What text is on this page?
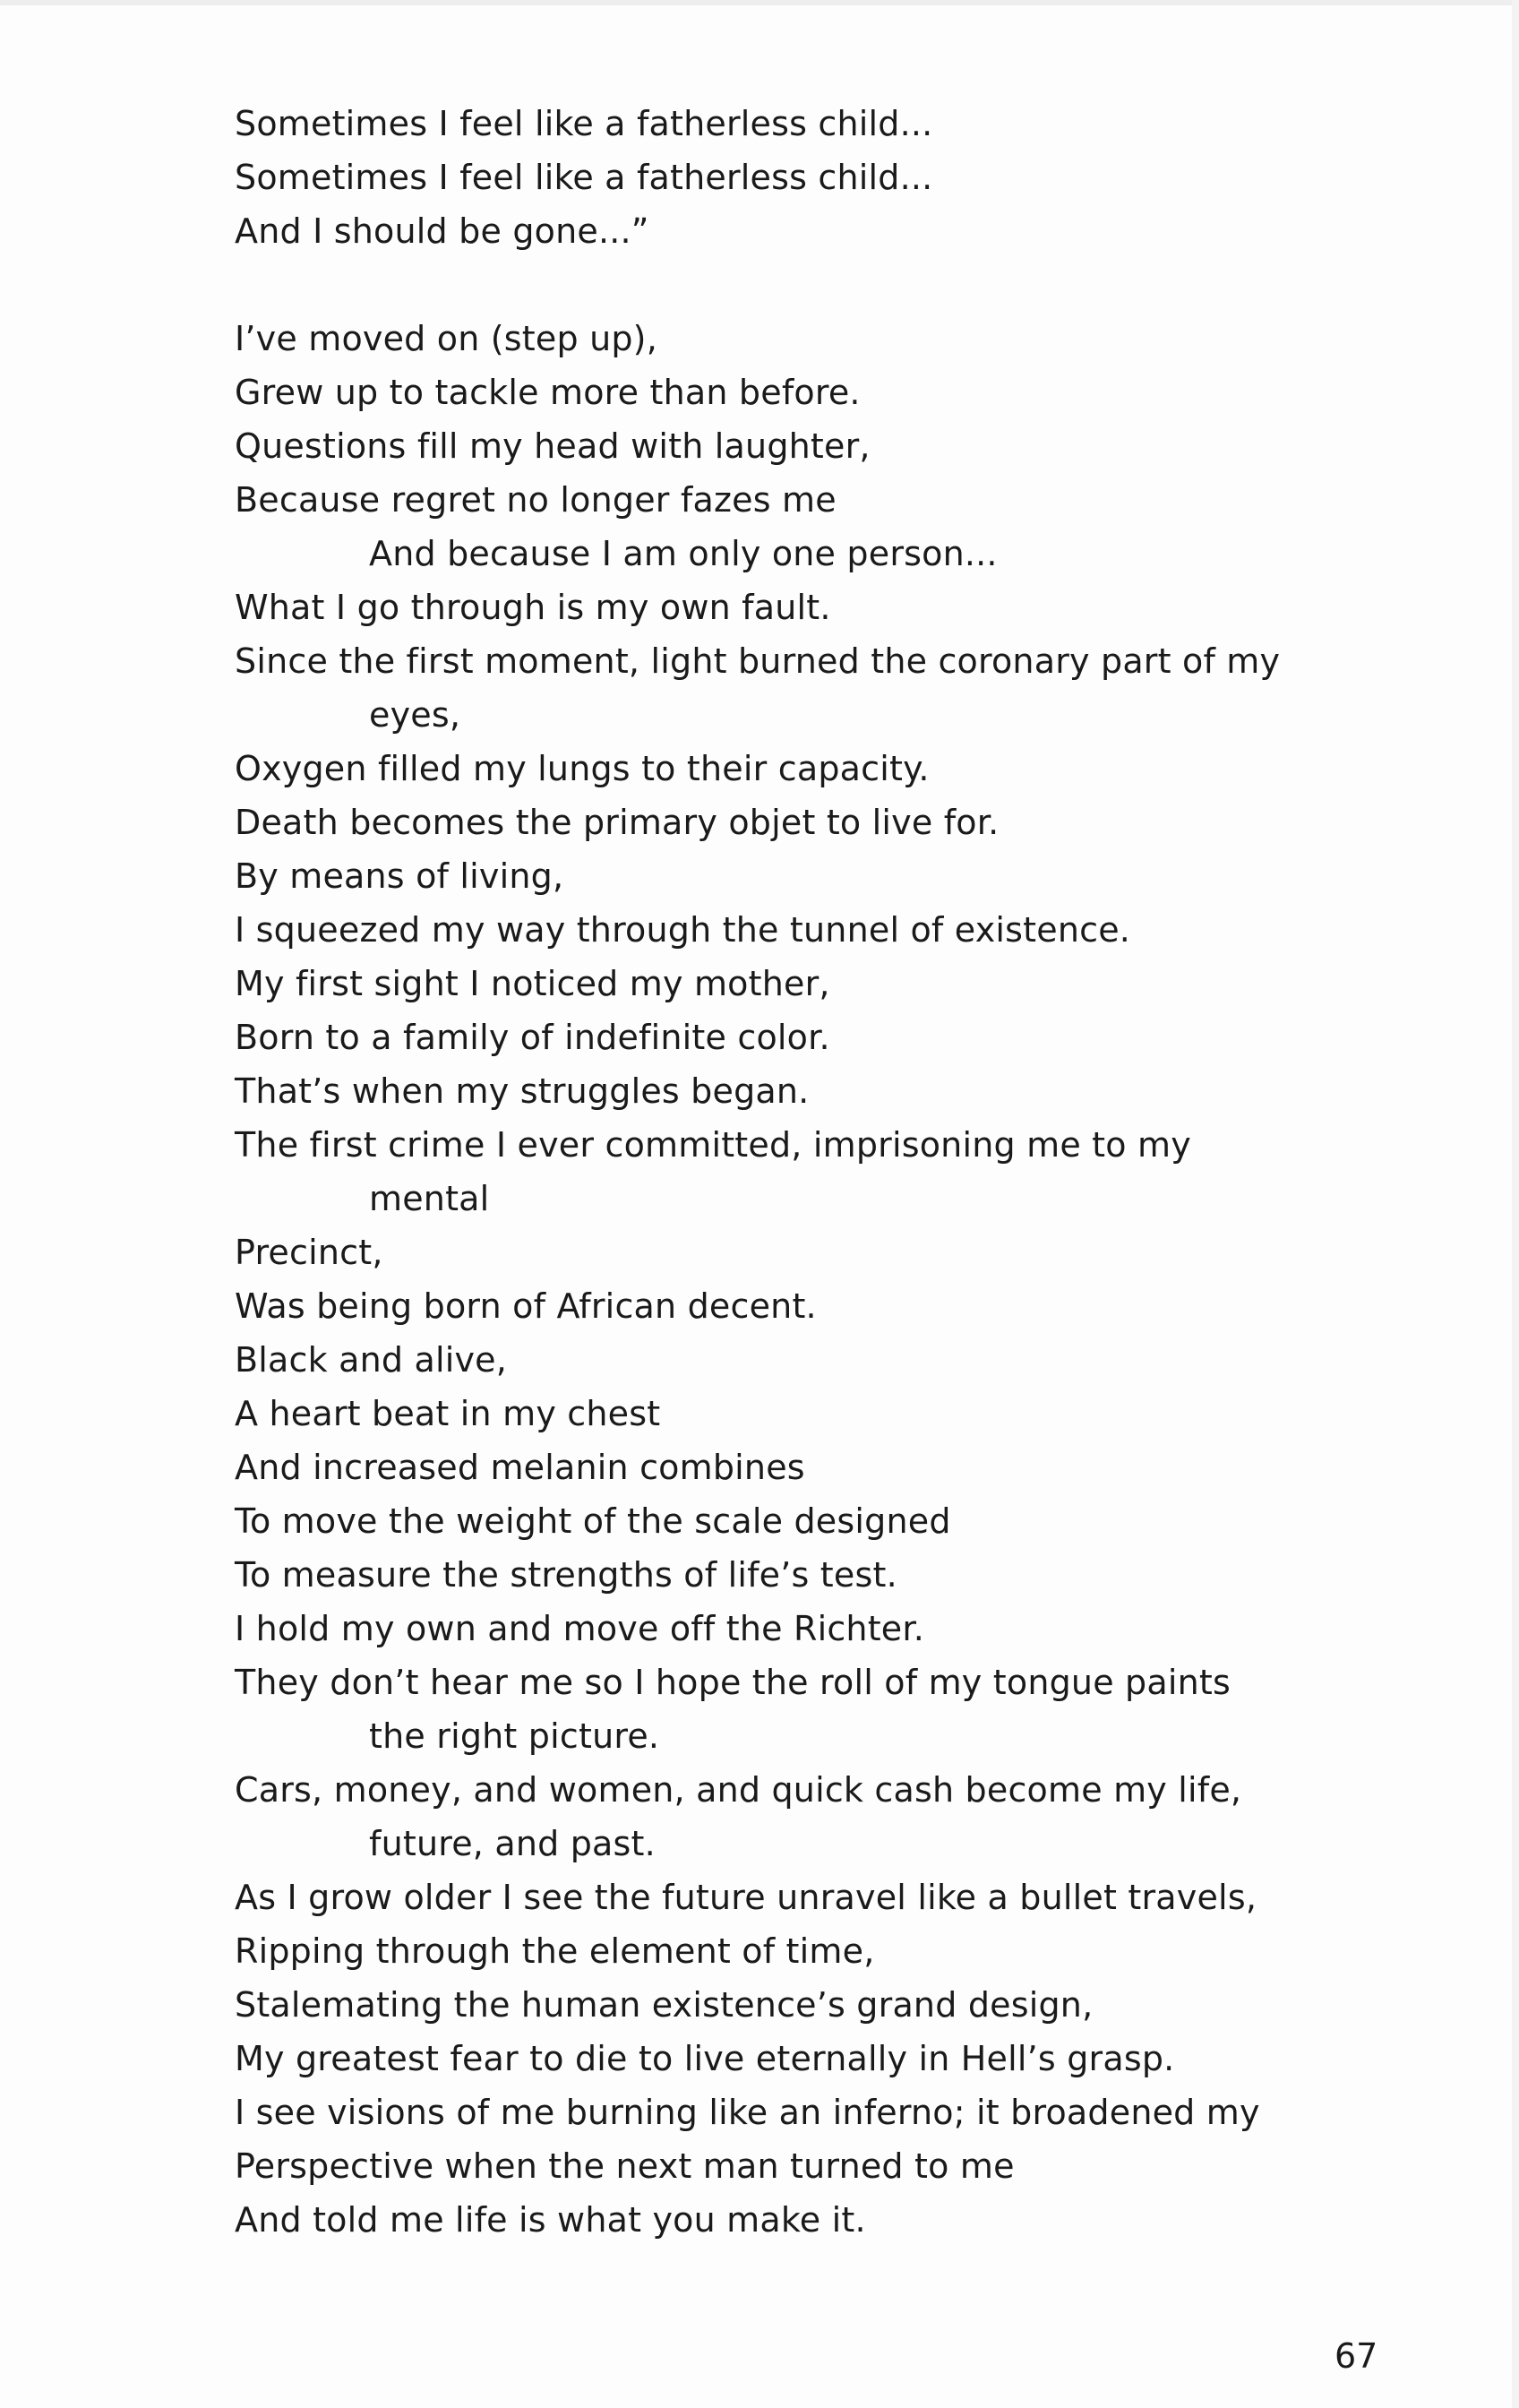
Sometimes I feel like a fatherless child...
Sometimes I feel like a fatherless child...
And I should be gone...”
I’ve moved on (step up),
Grew up to tackle more than before.
Questions fill my head with laughter,
Because regret no longer fazes me
And because I am only one person...
What I go through is my own fault.
Since the first moment, light burned the coronary part of my
eyes,
Oxygen filled my lungs to their capacity.
Death becomes the primary objet to live for.
By means of living,
I squeezed my way through the tunnel of existence.
My first sight I noticed my mother,
Born to a family of indefinite color.
That’s when my struggles began.
The first crime I ever committed, imprisoning me to my
mental
Precinct,
Was being born of African decent.
Black and alive,
A heart beat in my chest
And increased melanin combines
To move the weight of the scale designed
To measure the strengths of life’s test.
I hold my own and move off the Richter.
They don’t hear me so I hope the roll of my tongue paints
the right picture.
Cars, money, and women, and quick cash become my life,
future, and past.
As I grow older I see the future unravel like a bullet travels,
Ripping through the element of time,
Stalemating the human existence’s grand design,
My greatest fear to die to live eternally in Hell’s grasp.
I see visions of me burning like an inferno; it broadened my
Perspective when the next man turned to me
And told me life is what you make it.
67
